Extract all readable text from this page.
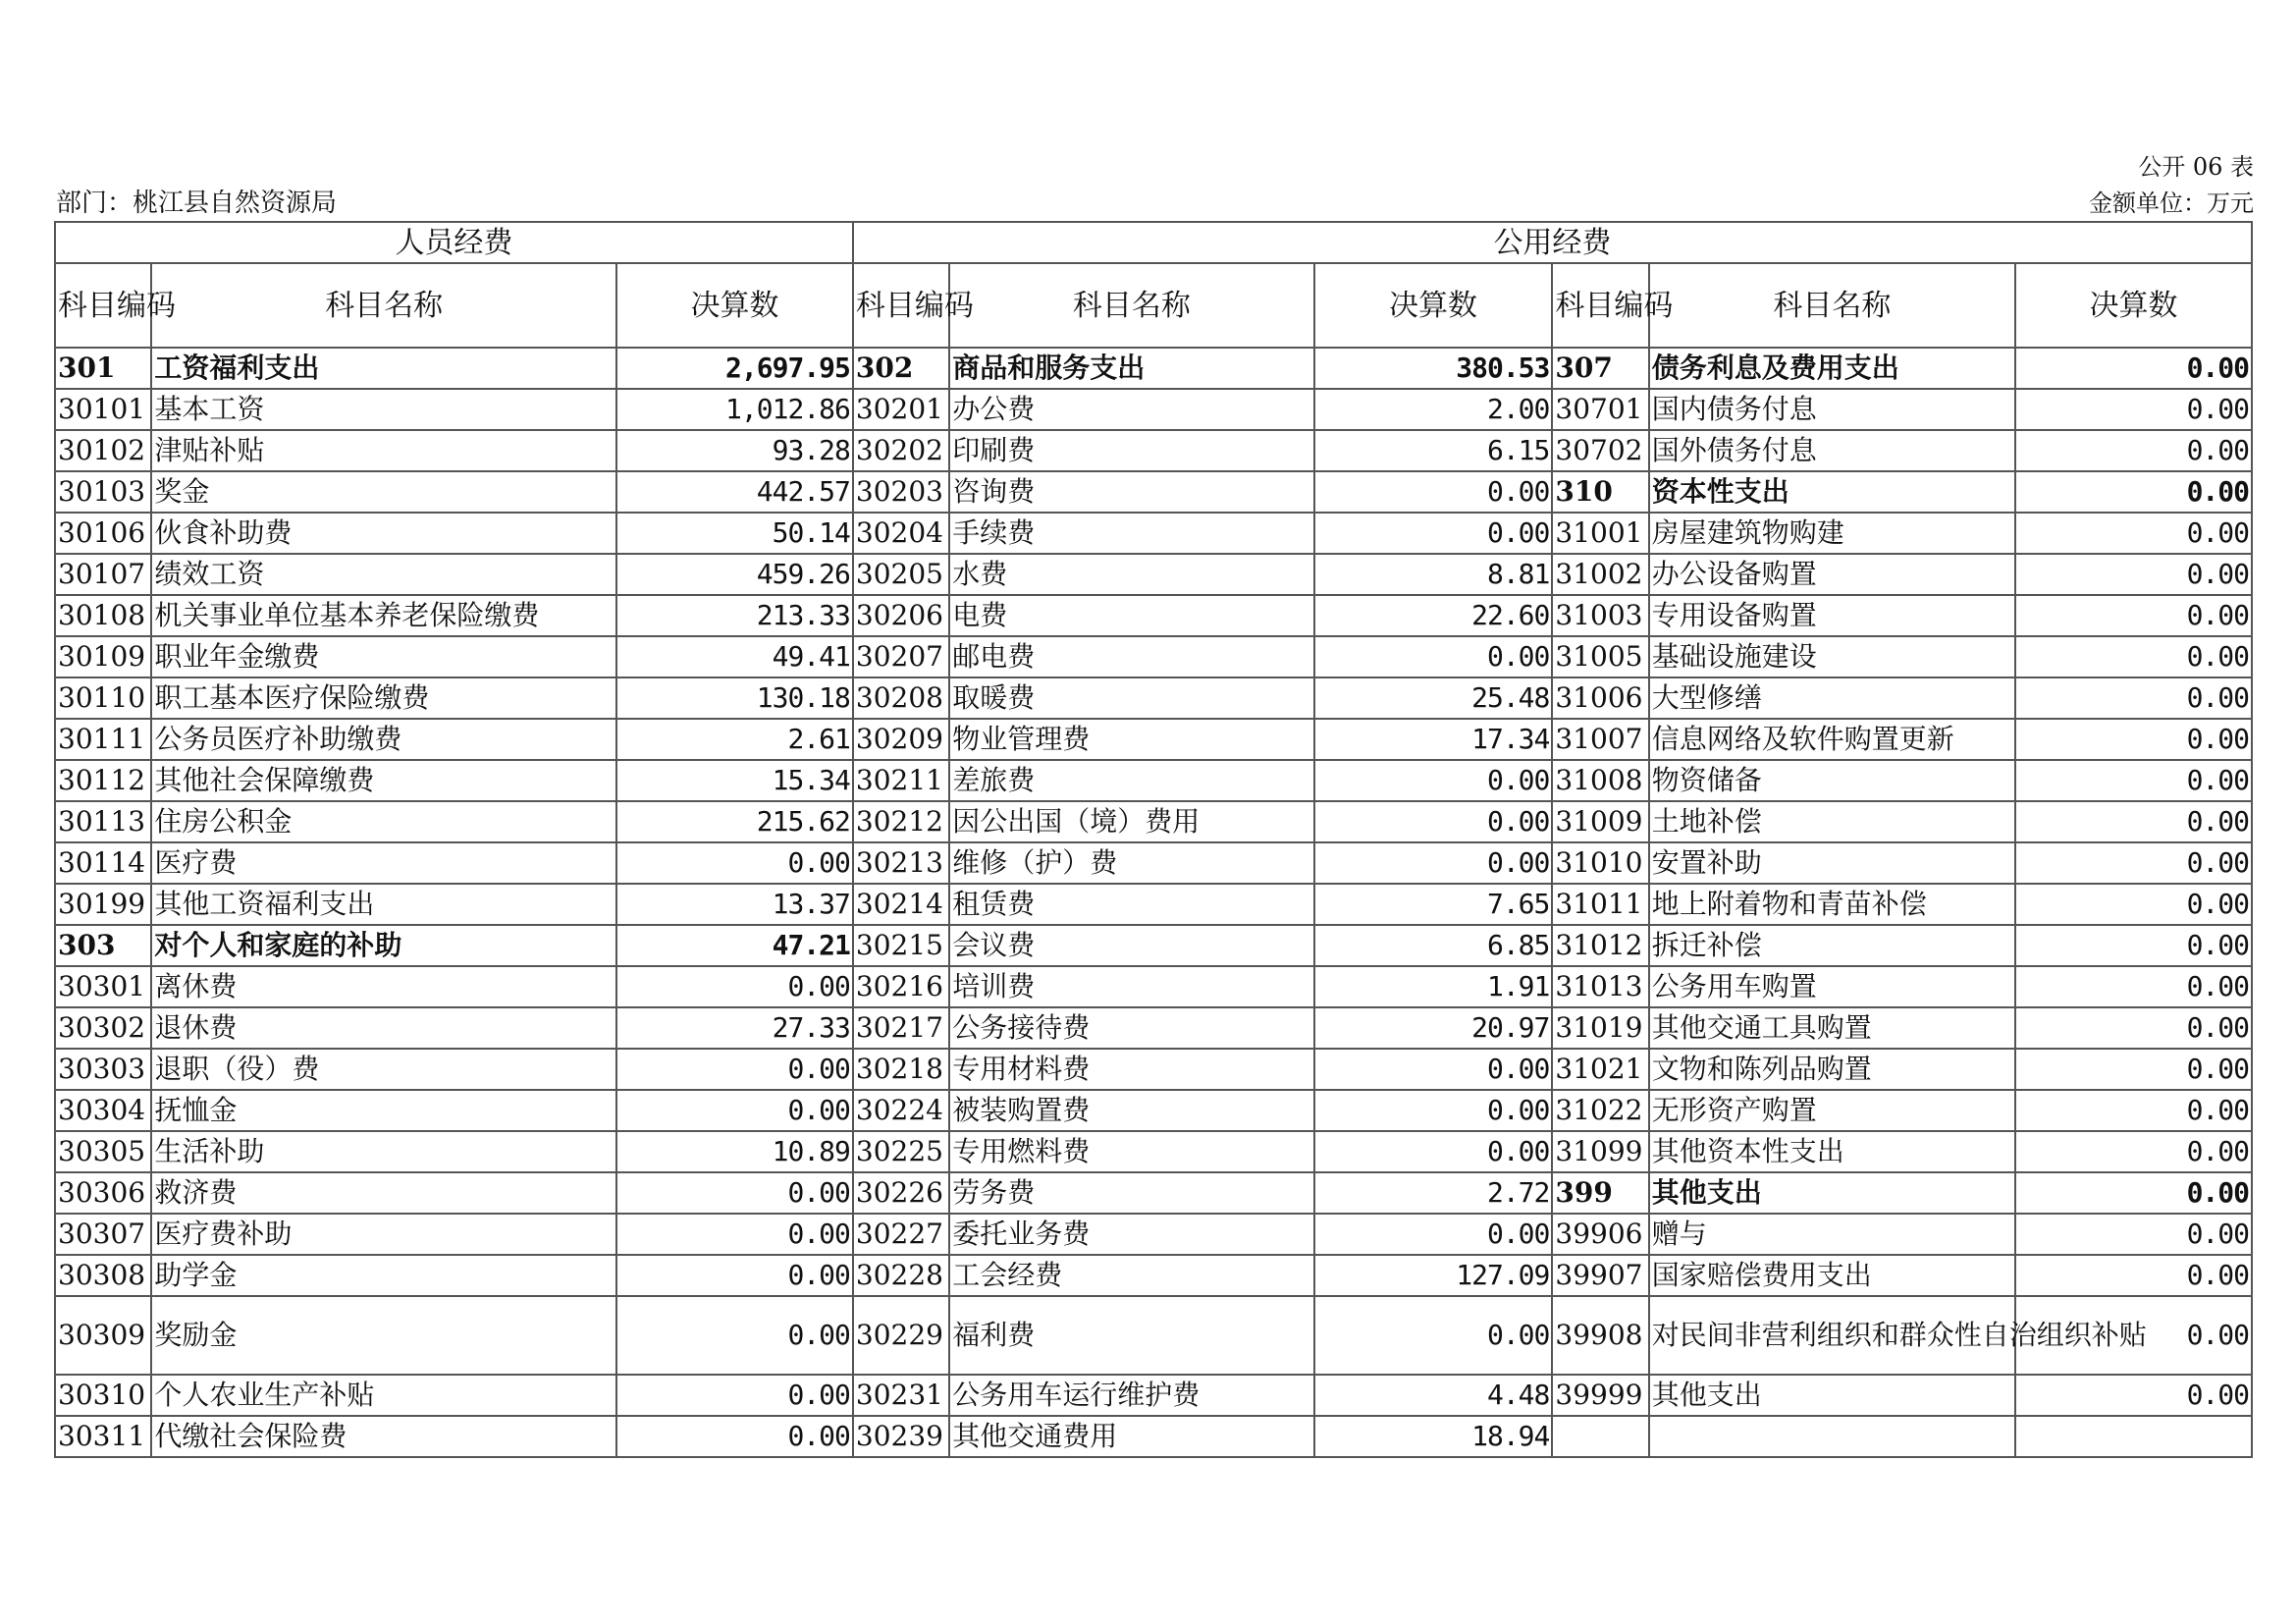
公开 06 表
部门：桃江县自然资源局	金额单位：万元
人员经费			公用经费					
科目编码	科目名称	决算数	科目编码	科目名称	决算数	科目编码	科目名称	决算数
301	工资福利支出	2,697.95	302	商品和服务支出	380.53	307	债务利息及费用支出	0.00
30101	基本工资	1,012.86	30201	办公费	2.00	30701	国内债务付息	0.00
30102	津贴补贴	93.28	30202	印刷费	6.15	30702	国外债务付息	0.00
30103	奖金	442.57	30203	咨询费	0.00	310	资本性支出	0.00
30106	伙食补助费	50.14	30204	手续费	0.00	31001	房屋建筑物购建	0.00
30107	绩效工资	459.26	30205	水费	8.81	31002	办公设备购置	0.00
30108	机关事业单位基本养老保险缴费	213.33	30206	电费	22.60	31003	专用设备购置	0.00
30109	职业年金缴费	49.41	30207	邮电费	0.00	31005	基础设施建设	0.00
30110	职工基本医疗保险缴费	130.18	30208	取暖费	25.48	31006	大型修缮	0.00
30111	公务员医疗补助缴费	2.61	30209	物业管理费	17.34	31007	信息网络及软件购置更新	0.00
30112	其他社会保障缴费	15.34	30211	差旅费	0.00	31008	物资储备	0.00
30113	住房公积金	215.62	30212	因公出国（境）费用	0.00	31009	土地补偿	0.00
30114	医疗费	0.00	30213	维修（护）费	0.00	31010	安置补助	0.00
30199	其他工资福利支出	13.37	30214	租赁费	7.65	31011	地上附着物和青苗补偿	0.00
303	对个人和家庭的补助	47.21	30215	会议费	6.85	31012	拆迁补偿	0.00
30301	离休费	0.00	30216	培训费	1.91	31013	公务用车购置	0.00
30302	退休费	27.33	30217	公务接待费	20.97	31019	其他交通工具购置	0.00
30303	退职（役）费	0.00	30218	专用材料费	0.00	31021	文物和陈列品购置	0.00
30304	抚恤金	0.00	30224	被装购置费	0.00	31022	无形资产购置	0.00
30305	生活补助	10.89	30225	专用燃料费	0.00	31099	其他资本性支出	0.00
30306	救济费	0.00	30226	劳务费	2.72	399	其他支出	0.00
30307	医疗费补助	0.00	30227	委托业务费	0.00	39906	赠与	0.00
30308	助学金	0.00	30228	工会经费	127.09	39907	国家赔偿费用支出	0.00
30309	奖励金	0.00	30229	福利费	0.00	39908	对民间非营利组织和群众性自治组织补贴	0.00
30310	个人农业生产补贴	0.00	30231	公务用车运行维护费	4.48	39999	其他支出	0.00
30311	代缴社会保险费	0.00	30239	其他交通费用	18.94			
